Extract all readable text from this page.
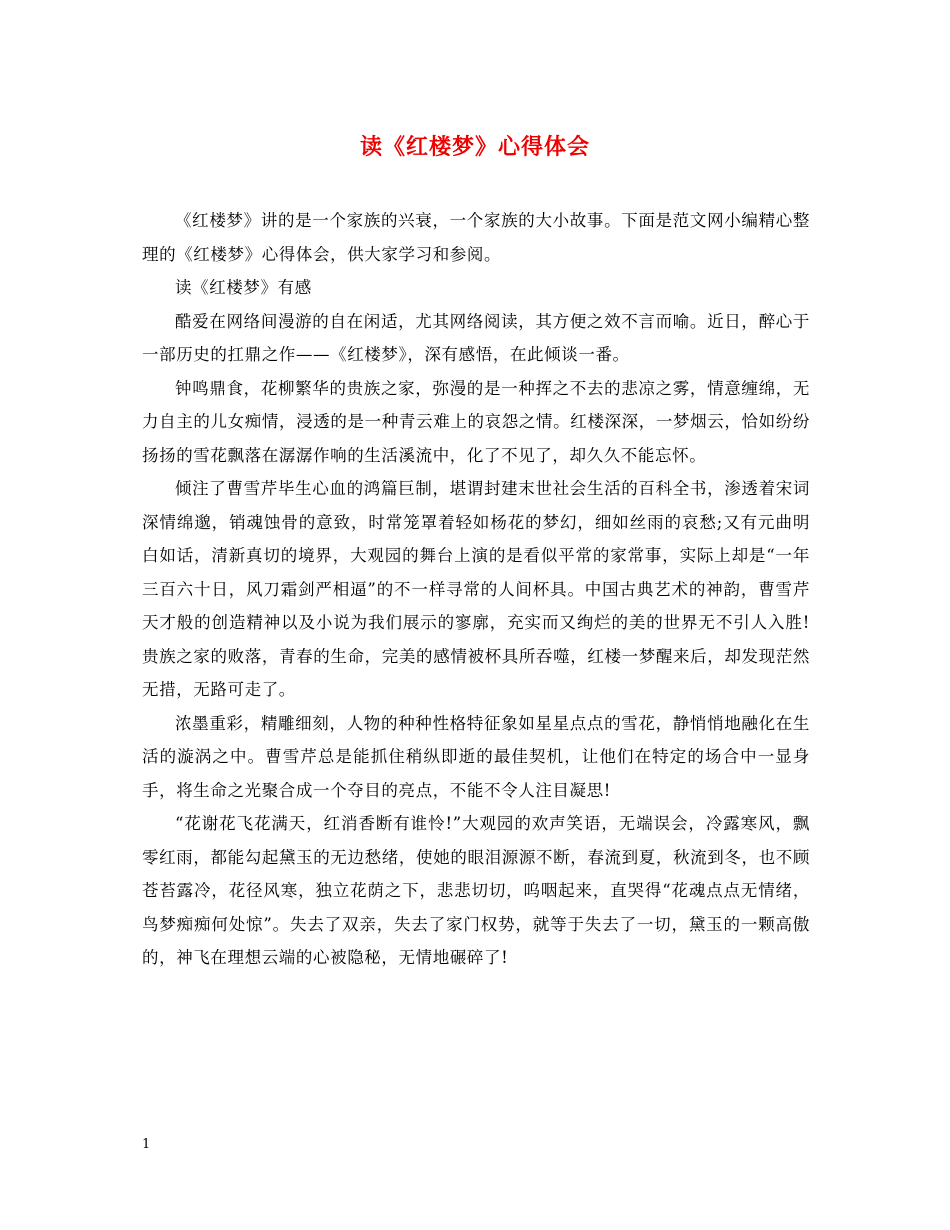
读《红楼梦》心得体会

《红楼梦》讲的是一个家族的兴衰，一个家族的大小故事。下面是范文网小编精心整理的《红楼梦》心得体会，供大家学习和参阅。

读《红楼梦》有感

酷爱在网络间漫游的自在闲适，尤其网络阅读，其方便之效不言而喻。近日，醉心于一部历史的扛鼎之作——《红楼梦》，深有感悟，在此倾谈一番。

钟鸣鼎食，花柳繁华的贵族之家，弥漫的是一种挥之不去的悲凉之雾，情意缠绵，无力自主的儿女痴情，浸透的是一种青云难上的哀怨之情。红楼深深，一梦烟云，恰如纷纷扬扬的雪花飘落在潺潺作响的生活溪流中，化了不见了，却久久不能忘怀。

倾注了曹雪芹毕生心血的鸿篇巨制，堪谓封建末世社会生活的百科全书，渗透着宋词深情绵邈，销魂蚀骨的意致，时常笼罩着轻如杨花的梦幻，细如丝雨的哀愁;又有元曲明白如话，清新真切的境界，大观园的舞台上演的是看似平常的家常事，实际上却是“一年三百六十日，风刀霜剑严相逼”的不一样寻常的人间杯具。中国古典艺术的神韵，曹雪芹天才般的创造精神以及小说为我们展示的寥廓，充实而又绚烂的美的世界无不引人入胜!贵族之家的败落，青春的生命，完美的感情被杯具所吞噬，红楼一梦醒来后，却发现茫然无措，无路可走了。

浓墨重彩，精雕细刻，人物的种种性格特征象如星星点点的雪花，静悄悄地融化在生活的漩涡之中。曹雪芹总是能抓住稍纵即逝的最佳契机，让他们在特定的场合中一显身手，将生命之光聚合成一个夺目的亮点，不能不令人注目凝思!

“花谢花飞花满天，红消香断有谁怜!”大观园的欢声笑语，无端误会，冷露寒风，飘零红雨，都能勾起黛玉的无边愁绪，使她的眼泪源源不断，春流到夏，秋流到冬，也不顾苍苔露冷，花径风寒，独立花荫之下，悲悲切切，呜咽起来，直哭得“花魂点点无情绪，鸟梦痴痴何处惊”。失去了双亲，失去了家门权势，就等于失去了一切，黛玉的一颗高傲的，神飞在理想云端的心被隐秘，无情地碾碎了!

1
